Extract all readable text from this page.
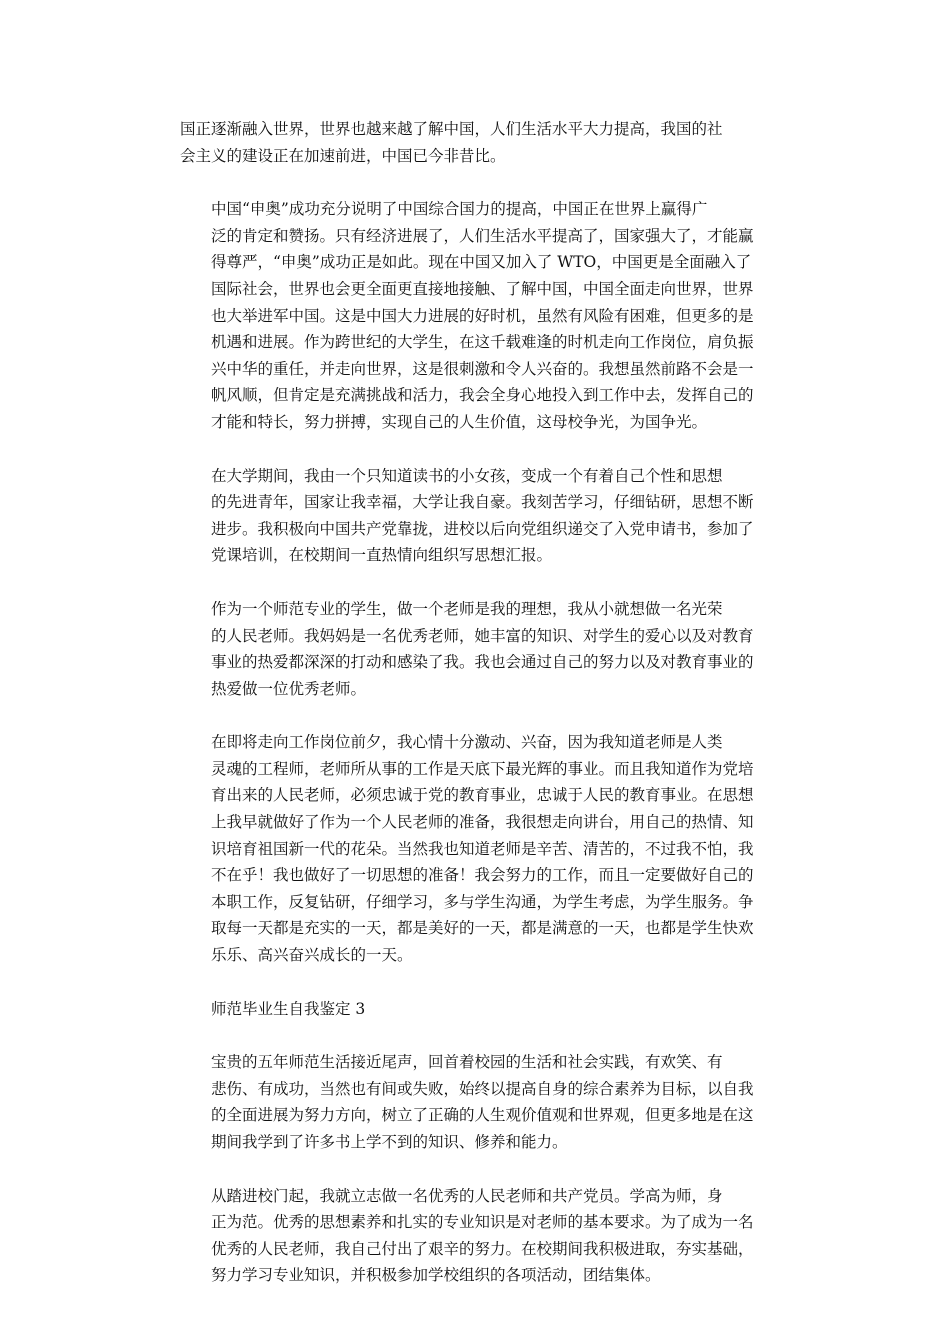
国正逐渐融入世界，世界也越来越了解中国，人们生活水平大力提高，我国的社
会主义的建设正在加速前进，中国已今非昔比。

中国“申奥”成功充分说明了中国综合国力的提高，中国正在世界上赢得广
泛的肯定和赞扬。只有经济进展了，人们生活水平提高了，国家强大了，才能赢
得尊严，“申奥”成功正是如此。现在中国又加入了 WTO，中国更是全面融入了
国际社会，世界也会更全面更直接地接触、了解中国，中国全面走向世界，世界
也大举进军中国。这是中国大力进展的好时机，虽然有风险有困难，但更多的是
机遇和进展。作为跨世纪的大学生，在这千载难逢的时机走向工作岗位，肩负振
兴中华的重任，并走向世界，这是很刺激和令人兴奋的。我想虽然前路不会是一
帆风顺，但肯定是充满挑战和活力，我会全身心地投入到工作中去，发挥自己的
才能和特长，努力拼搏，实现自己的人生价值，这母校争光，为国争光。

在大学期间，我由一个只知道读书的小女孩，变成一个有着自己个性和思想
的先进青年，国家让我幸福，大学让我自豪。我刻苦学习，仔细钻研，思想不断
进步。我积极向中国共产党靠拢，进校以后向党组织递交了入党申请书，参加了
党课培训，在校期间一直热情向组织写思想汇报。

作为一个师范专业的学生，做一个老师是我的理想，我从小就想做一名光荣
的人民老师。我妈妈是一名优秀老师，她丰富的知识、对学生的爱心以及对教育
事业的热爱都深深的打动和感染了我。我也会通过自己的努力以及对教育事业的
热爱做一位优秀老师。

在即将走向工作岗位前夕，我心情十分激动、兴奋，因为我知道老师是人类
灵魂的工程师，老师所从事的工作是天底下最光辉的事业。而且我知道作为党培
育出来的人民老师，必须忠诚于党的教育事业，忠诚于人民的教育事业。在思想
上我早就做好了作为一个人民老师的准备，我很想走向讲台，用自己的热情、知
识培育祖国新一代的花朵。当然我也知道老师是辛苦、清苦的，不过我不怕，我
不在乎！我也做好了一切思想的准备！我会努力的工作，而且一定要做好自己的
本职工作，反复钻研，仔细学习，多与学生沟通，为学生考虑，为学生服务。争
取每一天都是充实的一天，都是美好的一天，都是满意的一天，也都是学生快欢
乐乐、高兴奋兴成长的一天。

师范毕业生自我鉴定 3

宝贵的五年师范生活接近尾声，回首着校园的生活和社会实践，有欢笑、有
悲伤、有成功，当然也有间或失败，始终以提高自身的综合素养为目标，以自我
的全面进展为努力方向，树立了正确的人生观价值观和世界观，但更多地是在这
期间我学到了许多书上学不到的知识、修养和能力。

从踏进校门起，我就立志做一名优秀的人民老师和共产党员。学高为师，身
正为范。优秀的思想素养和扎实的专业知识是对老师的基本要求。为了成为一名
优秀的人民老师，我自己付出了艰辛的努力。在校期间我积极进取，夯实基础，
努力学习专业知识，并积极参加学校组织的各项活动，团结集体。
